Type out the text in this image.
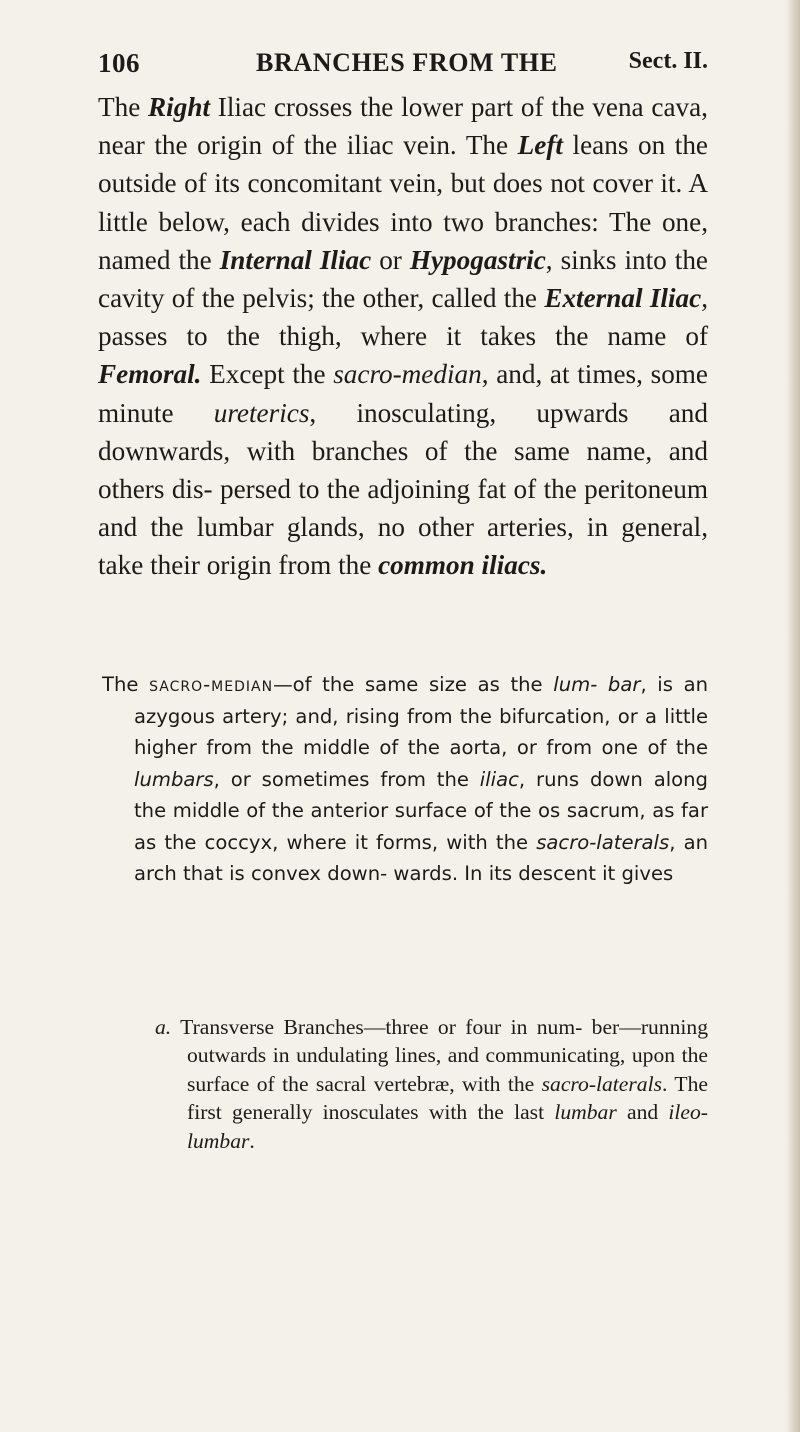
106	BRANCHES FROM THE	Sect. II.

The Right Iliac crosses the lower part of the vena cava, near the origin of the iliac vein. The Left leans on the outside of its concomitant vein, but does not cover it. A little below, each divides into two branches: The one, named the Internal Iliac or Hypogastric, sinks into the cavity of the pelvis; the other, called the External Iliac, passes to the thigh, where it takes the name of Femoral. Except the sacro-median, and, at times, some minute ureterics, inosculating, upwards and downwards, with branches of the same name, and others dis- persed to the adjoining fat of the peritoneum and the lumbar glands, no other arteries, in general, take their origin from the common iliacs.

The sacro-median—of the same size as the lum- bar, is an azygous artery; and, rising from the bifurcation, or a little higher from the middle of the aorta, or from one of the lumbars, or sometimes from the iliac, runs down along the middle of the anterior surface of the os sacrum, as far as the coccyx, where it forms, with the sacro-laterals, an arch that is convex down- wards. In its descent it gives

a. Transverse Branches—three or four in num- ber—running outwards in undulating lines, and communicating, upon the surface of the sacral vertebræ, with the sacro-laterals. The first generally inosculates with the last lumbar and ileo-lumbar.
